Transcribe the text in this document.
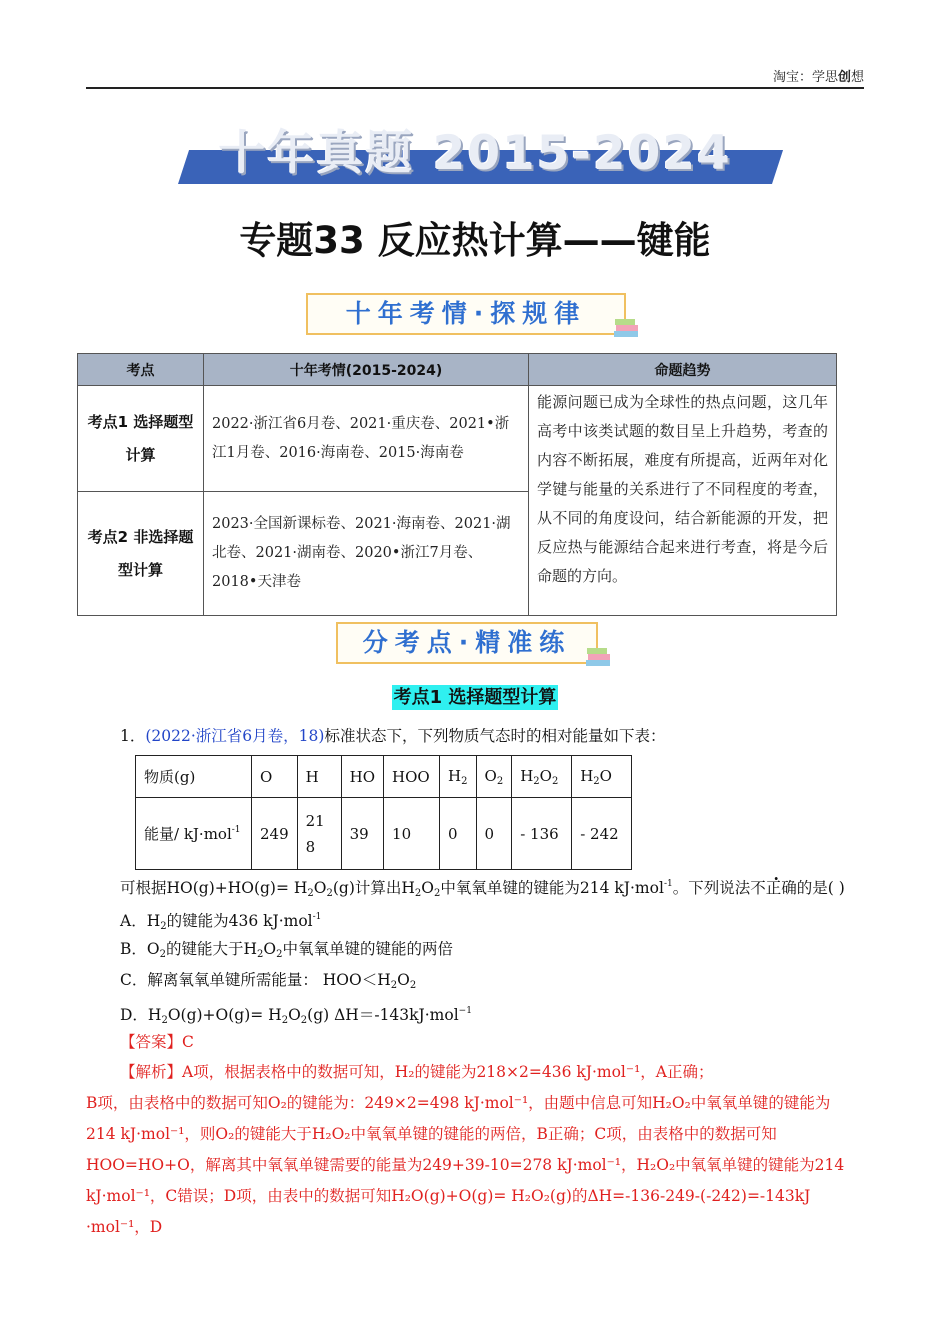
淘宝：学思创想
十年真题 2015-2024
专题33 反应热计算——键能
十年考情·探规律
考点	十年考情(2015-2024)	命题趋势
考点1 选择题型计算	2022·浙江省6月卷、2021·重庆卷、2021•浙江1月卷、2016·海南卷、2015·海南卷	能源问题已成为全球性的热点问题，这几年高考中该类试题的数目呈上升趋势，考查的内容不断拓展，难度有所提高，近两年对化学键与能量的关系进行了不同程度的考查，从不同的角度设问，结合新能源的开发，把反应热与能源结合起来进行考查，将是今后命题的方向。
考点2 非选择题型计算	2023·全国新课标卷、2021·海南卷、2021·湖北卷、2021·湖南卷、2020•浙江7月卷、2018•天津卷	
分考点·精准练
考点1 选择题型计算
1．(2022·浙江省6月卷，18)标准状态下，下列物质气态时的相对能量如下表：
物质(g)	O	H	HO	HOO	$H_2$	$O_2$	$H_2O_2$	$H_2O$
能量/ kJ·mol$^{-1}$	249	218	39	10	0	0	- 136	- 242
可根据$HO(g)+HO(g)= H_2O_2(g)$计算出$H_2O_2$中氧氧单键的键能为214 kJ·mol$^{-1}$。下列说法不正确的是( )
A．$H_2$的键能为436 kJ·mol$^{-1}$
B．$O_2$的键能大于$H_2O_2$中氧氧单键的键能的两倍
C．解离氧氧单键所需能量： $HOO<H_2O_2$
D．$H_2O(g)+O(g)= H_2O_2(g)$ ΔH＝-143kJ·mol$^{-1}$
【答案】C
【解析】A项，根据表格中的数据可知，H₂的键能为218×2=436 kJ·mol⁻¹，A正确；
B项，由表格中的数据可知O₂的键能为：249×2=498 kJ·mol⁻¹，由题中信息可知H₂O₂中氧氧单键的键能为
214 kJ·mol⁻¹，则O₂的键能大于H₂O₂中氧氧单键的键能的两倍，B正确；C项，由表格中的数据可知
HOO=HO+O，解离其中氧氧单键需要的能量为249+39-10=278 kJ·mol⁻¹，H₂O₂中氧氧单键的键能为214
kJ·mol⁻¹，C错误；D项，由表中的数据可知H₂O(g)+O(g)= H₂O₂(g)的ΔH=-136-249-(-242)=-143kJ ·mol⁻¹，D
